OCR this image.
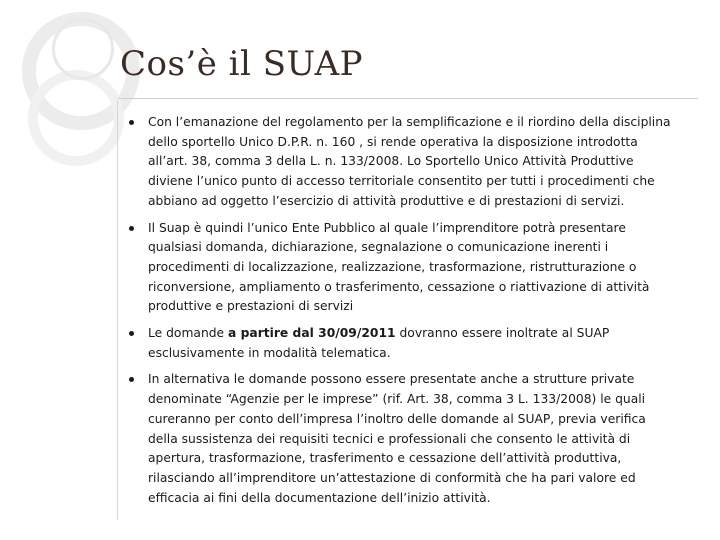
Cos’è il SUAP
Con l’emanazione del regolamento per la semplificazione e il riordino della disciplina
dello sportello Unico D.P.R. n. 160 , si rende operativa la disposizione introdotta
all’art. 38, comma 3 della L. n. 133/2008. Lo Sportello Unico Attività Produttive
diviene l’unico punto di accesso territoriale consentito per tutti i procedimenti che
abbiano ad oggetto l’esercizio di attività produttive e di prestazioni di servizi.
Il Suap è quindi l’unico Ente Pubblico al quale l’imprenditore potrà presentare
qualsiasi domanda, dichiarazione, segnalazione o comunicazione inerenti i
procedimenti di localizzazione, realizzazione, trasformazione, ristrutturazione o
riconversione, ampliamento o trasferimento, cessazione o riattivazione di attività
produttive e prestazioni di servizi
Le domande a partire dal 30/09/2011 dovranno essere inoltrate al SUAP
esclusivamente in modalità telematica.
In alternativa le domande possono essere presentate anche a strutture private
denominate “Agenzie per le imprese” (rif. Art. 38, comma 3 L. 133/2008) le quali
cureranno per conto dell’impresa l’inoltro delle domande al SUAP, previa verifica
della sussistenza dei requisiti tecnici e professionali che consento le attività di
apertura, trasformazione, trasferimento e cessazione dell’attività produttiva,
rilasciando all’imprenditore un’attestazione di conformità che ha pari valore ed
efficacia ai fini della documentazione dell’inizio attività.
